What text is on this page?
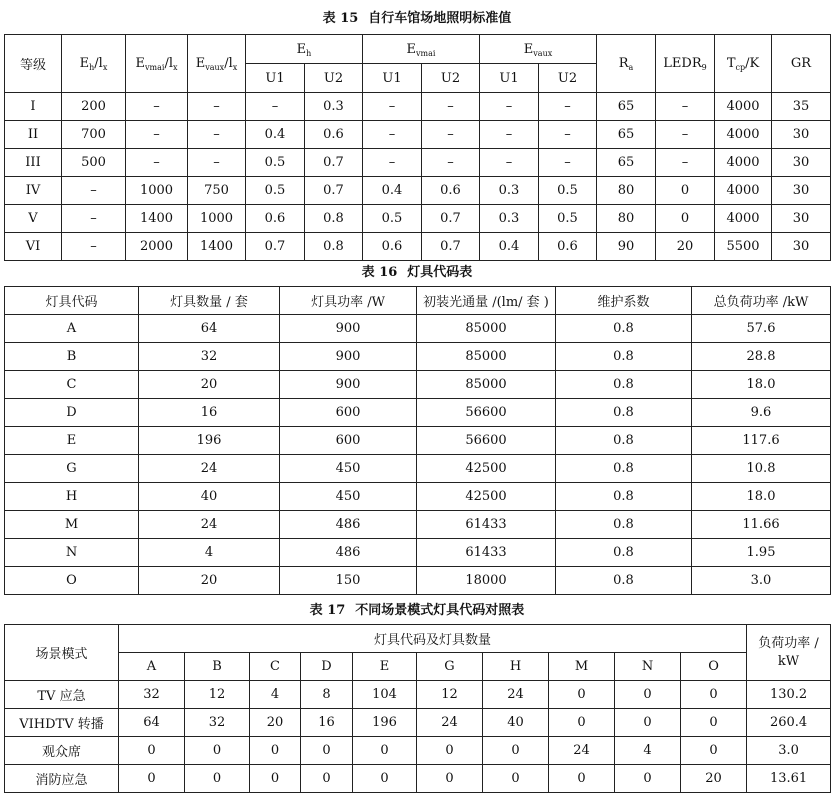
表 15 自行车馆场地照明标准值
等级	$E_h/l_x$	$E_{vmai}/l_x$	$E_{vaux}/l_x$	$E_h$		$E_{vmai}$		$E_{vaux}$		$R_a$	$LEDR_9$	$T_{cp}/K$	GR
				U1	U2	U1	U2	U1	U2				
I	200	–	–	–	0.3	–	–	–	–	65	–	4000	35
II	700	–	–	0.4	0.6	–	–	–	–	65	–	4000	30
III	500	–	–	0.5	0.7	–	–	–	–	65	–	4000	30
IV	–	1000	750	0.5	0.7	0.4	0.6	0.3	0.5	80	0	4000	30
V	–	1400	1000	0.6	0.8	0.5	0.7	0.3	0.5	80	0	4000	30
VI	–	2000	1400	0.7	0.8	0.6	0.7	0.4	0.6	90	20	5500	30
表 16 灯具代码表
灯具代码	灯具数量 / 套	灯具功率 /W	初装光通量 /(lm/ 套 )	维护系数	总负荷功率 /kW
A	64	900	85000	0.8	57.6
B	32	900	85000	0.8	28.8
C	20	900	85000	0.8	18.0
D	16	600	56600	0.8	9.6
E	196	600	56600	0.8	117.6
G	24	450	42500	0.8	10.8
H	40	450	42500	0.8	18.0
M	24	486	61433	0.8	11.66
N	4	486	61433	0.8	1.95
O	20	150	18000	0.8	3.0
表 17 不同场景模式灯具代码对照表
场景模式	灯具代码及灯具数量										负荷功率 /
kW
	A	B	C	D	E	G	H	M	N	O	
TV 应急	32	12	4	8	104	12	24	0	0	0	130.2
VIHDTV 转播	64	32	20	16	196	24	40	0	0	0	260.4
观众席	0	0	0	0	0	0	0	24	4	0	3.0
消防应急	0	0	0	0	0	0	0	0	0	20	13.61
